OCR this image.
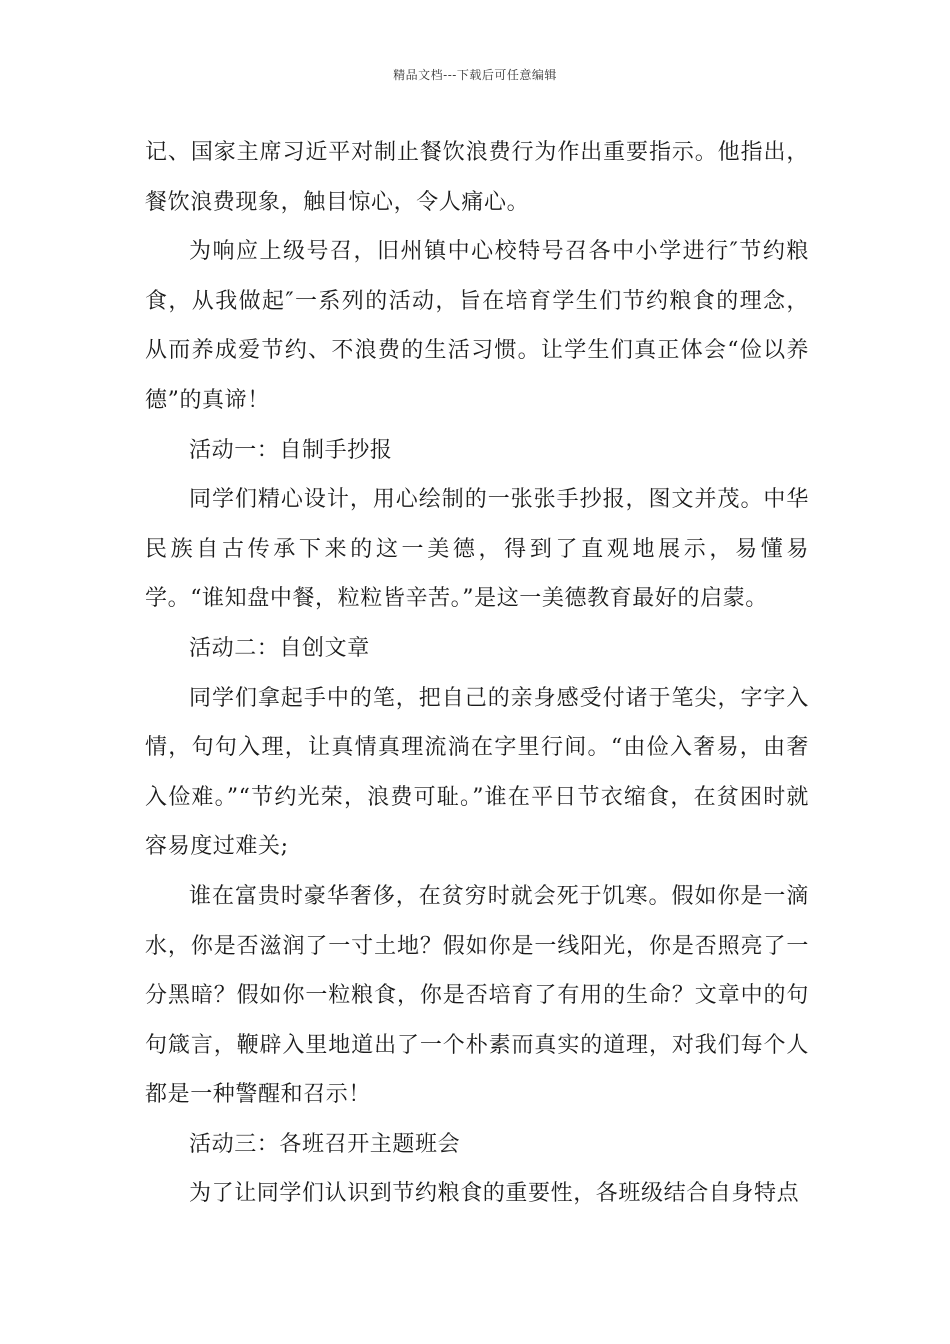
精品文档---下载后可任意编辑

记、国家主席习近平对制止餐饮浪费行为作出重要指示。他指出，餐饮浪费现象，触目惊心，令人痛心。

为响应上级号召，旧州镇中心校特号召各中小学进行″节约粮食，从我做起″一系列的活动，旨在培育学生们节约粮食的理念，从而养成爱节约、不浪费的生活习惯。让学生们真正体会“俭以养德”的真谛！

活动一：自制手抄报

同学们精心设计，用心绘制的一张张手抄报，图文并茂。中华民族自古传承下来的这一美德，得到了直观地展示，易懂易学。“谁知盘中餐，粒粒皆辛苦。”是这一美德教育最好的启蒙。

活动二：自创文章

同学们拿起手中的笔，把自己的亲身感受付诸于笔尖，字字入情，句句入理，让真情真理流淌在字里行间。“由俭入奢易，由奢入俭难。”“节约光荣，浪费可耻。”谁在平日节衣缩食，在贫困时就容易度过难关;

谁在富贵时豪华奢侈，在贫穷时就会死于饥寒。假如你是一滴水，你是否滋润了一寸土地？假如你是一线阳光，你是否照亮了一分黑暗？假如你一粒粮食，你是否培育了有用的生命？文章中的句句箴言，鞭辟入里地道出了一个朴素而真实的道理，对我们每个人都是一种警醒和召示！

活动三：各班召开主题班会

为了让同学们认识到节约粮食的重要性，各班级结合自身特点
